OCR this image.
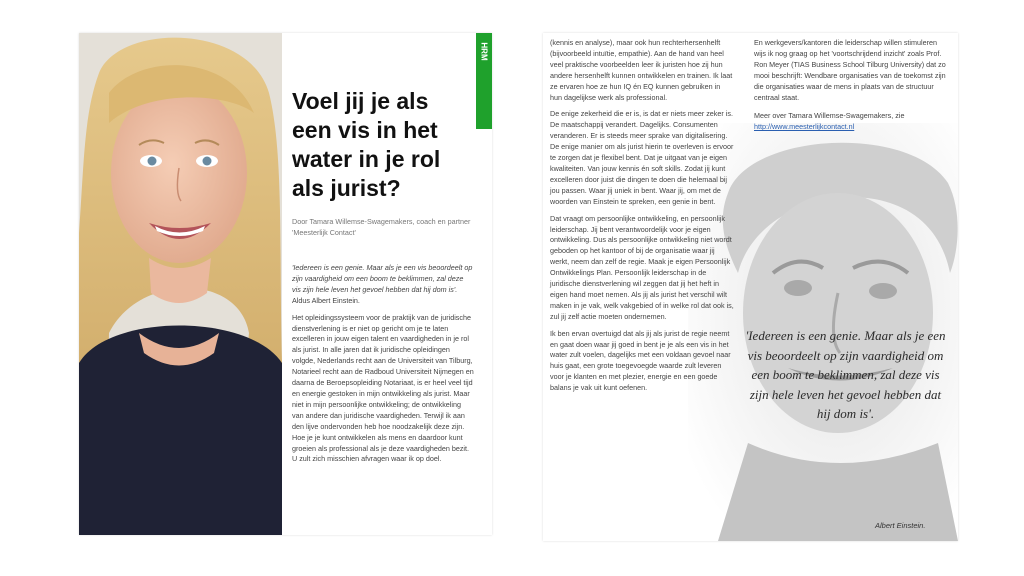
HRM
Voel jij je als een vis in het water in je rol als jurist?

Door Tamara Willemse-Swagemakers, coach en partner 'Meesterlijk Contact'

'Iedereen is een genie. Maar als je een vis beoordeelt op zijn vaardigheid om een boom te beklimmen, zal deze vis zijn hele leven het gevoel hebben dat hij dom is'. Aldus Albert Einstein.

Het opleidingssysteem voor de praktijk van de juridische dienstverlening is er niet op gericht om je te laten excelleren in jouw eigen talent en vaardigheden in je rol als jurist. In alle jaren dat ik juridische opleidingen volgde, Nederlands recht aan de Universiteit van Tilburg, Notarieel recht aan de Radboud Universiteit Nijmegen en daarna de Beroepsopleiding Notariaat, is er heel veel tijd en energie gestoken in mijn ontwikkeling als jurist. Maar niet in mijn persoonlijke ontwikkeling; de ontwikkeling van andere dan juridische vaardigheden. Terwijl ik aan den lijve ondervonden heb hoe noodzakelijk deze zijn. Hoe je je kunt ontwikkelen als mens en daardoor kunt groeien als professional als je deze vaardigheden bezit. U zult zich misschien afvragen waar ik op doel.

(kennis en analyse), maar ook hun rechterhersenhelft (bijvoorbeeld intuïtie, empathie). Aan de hand van heel veel praktische voorbeelden leer ik juristen hoe zij hun andere hersenhelft kunnen ontwikkelen en trainen. Ik laat ze ervaren hoe ze hun IQ én EQ kunnen gebruiken in hun dagelijkse werk als professional.

De enige zekerheid die er is, is dat er niets meer zeker is. De maatschappij verandert. Dagelijks. Consumenten veranderen. Er is steeds meer sprake van digitalisering. De enige manier om als jurist hierin te overleven is ervoor te zorgen dat je flexibel bent. Dat je uitgaat van je eigen kwaliteiten. Van jouw kennis én soft skills. Zodat jij kunt excelleren door juist die dingen te doen die helemaal bij jou passen. Waar jij uniek in bent. Waar jij, om met de woorden van Einstein te spreken, een genie in bent.

Dat vraagt om persoonlijke ontwikkeling, en persoonlijk leiderschap. Jij bent verantwoordelijk voor je eigen ontwikkeling. Dus als persoonlijke ontwikkeling niet wordt geboden op het kantoor of bij de organisatie waar jij werkt, neem dan zelf de regie. Maak je eigen Persoonlijk Ontwikkelings Plan. Persoonlijk leiderschap in de juridische dienstverlening wil zeggen dat jij het heft in eigen hand moet nemen. Als jij als jurist het verschil wilt maken in je vak, welk vakgebied of in welke rol dat ook is, zul jij zelf actie moeten ondernemen.

Ik ben ervan overtuigd dat als jij als jurist de regie neemt en gaat doen waar jij goed in bent je je als een vis in het water zult voelen, dagelijks met een voldaan gevoel naar huis gaat, een grote toegevoegde waarde zult leveren voor je klanten en met plezier, energie en een goede balans je vak uit kunt oefenen.

En werkgevers/kantoren die leiderschap willen stimuleren wijs ik nog graag op het 'voortschrijdend inzicht' zoals Prof. Ron Meyer (TIAS Business School Tilburg University) dat zo mooi beschrijft: Wendbare organisaties van de toekomst zijn die organisaties waar de mens in plaats van de structuur centraal staat.

Meer over Tamara Willemse-Swagemakers, zie http://www.meesterlijkcontact.nl

'Iedereen is een genie. Maar als je een vis beoordeelt op zijn vaardigheid om een boom te beklimmen, zal deze vis zijn hele leven het gevoel hebben dat hij dom is'.

Albert Einstein.
